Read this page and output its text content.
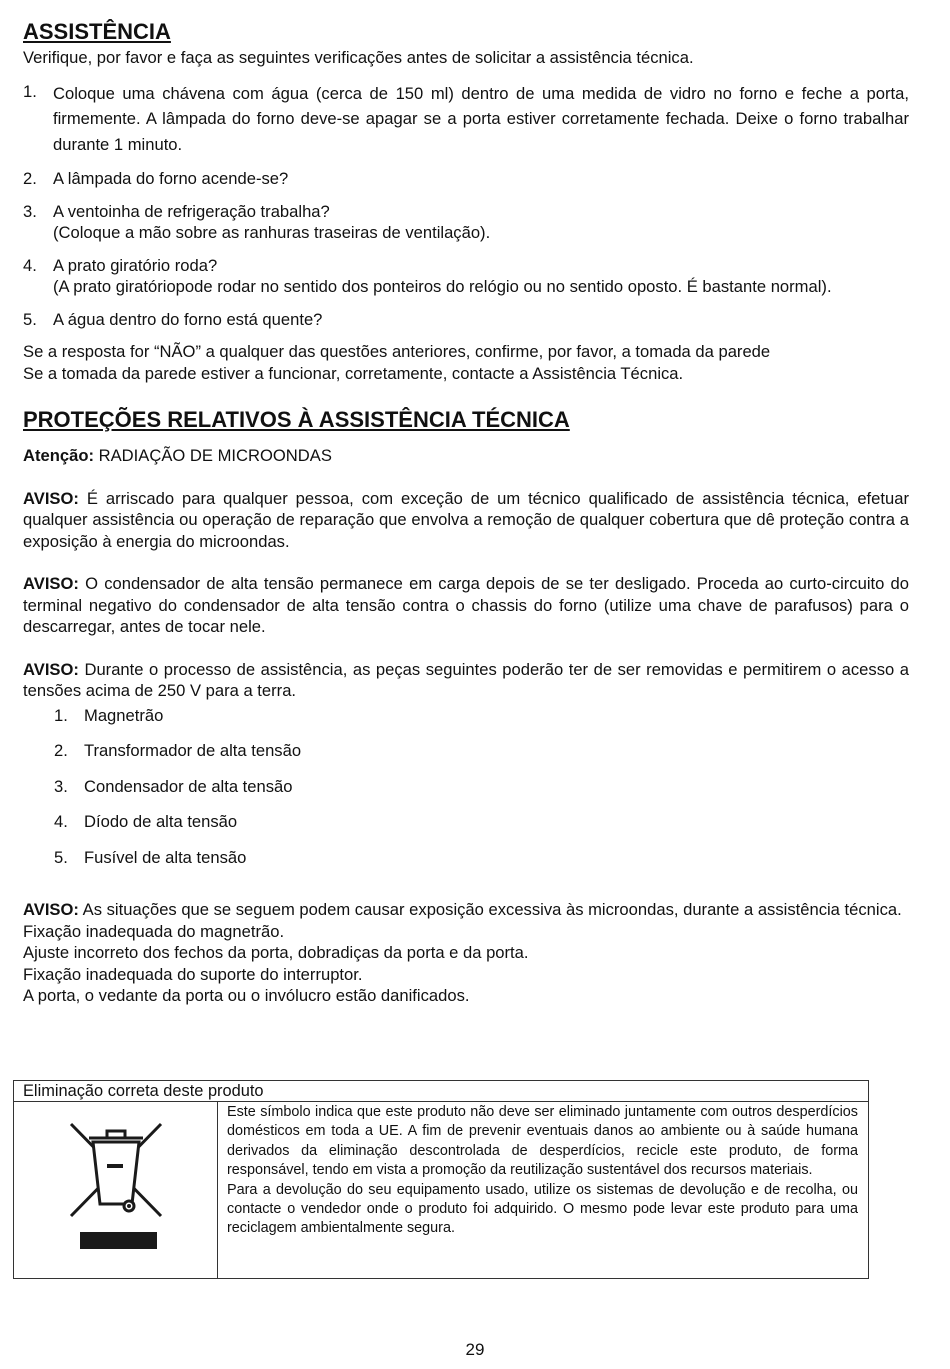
ASSISTÊNCIA
Verifique, por favor e faça as seguintes verificações antes de solicitar a assistência técnica.
1. Coloque uma chávena com água (cerca de 150 ml) dentro de uma medida de vidro no forno e feche a porta, firmemente. A lâmpada do forno deve-se apagar se a porta estiver corretamente fechada. Deixe o forno trabalhar durante 1 minuto.
2. A lâmpada do forno acende-se?
3. A ventoinha de refrigeração trabalha?
(Coloque a mão sobre as ranhuras traseiras de ventilação).
4. A prato giratório roda?
(A prato giratóriopode rodar no sentido dos ponteiros do relógio ou no sentido oposto. É bastante normal).
5. A água dentro do forno está quente?
Se a resposta for “NÃO” a qualquer das questões anteriores, confirme, por favor, a tomada da parede
Se a tomada da parede estiver a funcionar, corretamente, contacte a Assistência Técnica.
PROTEÇÕES RELATIVOS À ASSISTÊNCIA TÉCNICA
Atenção: RADIAÇÃO DE MICROONDAS
AVISO: É arriscado para qualquer pessoa, com exceção de um técnico qualificado de assistência técnica, efetuar qualquer assistência ou operação de reparação que envolva a remoção de qualquer cobertura que dê proteção contra a exposição à energia do microondas.
AVISO: O condensador de alta tensão permanece em carga depois de se ter desligado. Proceda ao curto-circuito do terminal negativo do condensador de alta tensão contra o chassis do forno (utilize uma chave de parafusos) para o descarregar, antes de tocar nele.
AVISO: Durante o processo de assistência, as peças seguintes poderão ter de ser removidas e permitirem o acesso a tensões acima de 250 V para a terra.
1. Magnetrão
2. Transformador de alta tensão
3. Condensador de alta tensão
4. Díodo de alta tensão
5. Fusível de alta tensão
AVISO: As situações que se seguem podem causar exposição excessiva às microondas, durante a assistência técnica.
Fixação inadequada do magnetrão.
Ajuste incorreto dos fechos da porta, dobradiças da porta e da porta.
Fixação inadequada do suporte do interruptor.
A porta, o vedante da porta ou o invólucro estão danificados.
Eliminação correta deste produto

Este símbolo indica que este produto não deve ser eliminado juntamente com outros desperdícios domésticos em toda a UE. A fim de prevenir eventuais danos ao ambiente ou à saúde humana derivados da eliminação descontrolada de desperdícios, recicle este produto, de forma responsável, tendo em vista a promoção da reutilização sustentável dos recursos materiais.
Para a devolução do seu equipamento usado, utilize os sistemas de devolução e de recolha, ou contacte o vendedor onde o produto foi adquirido. O mesmo pode levar este produto para uma reciclagem ambientalmente segura.
29
